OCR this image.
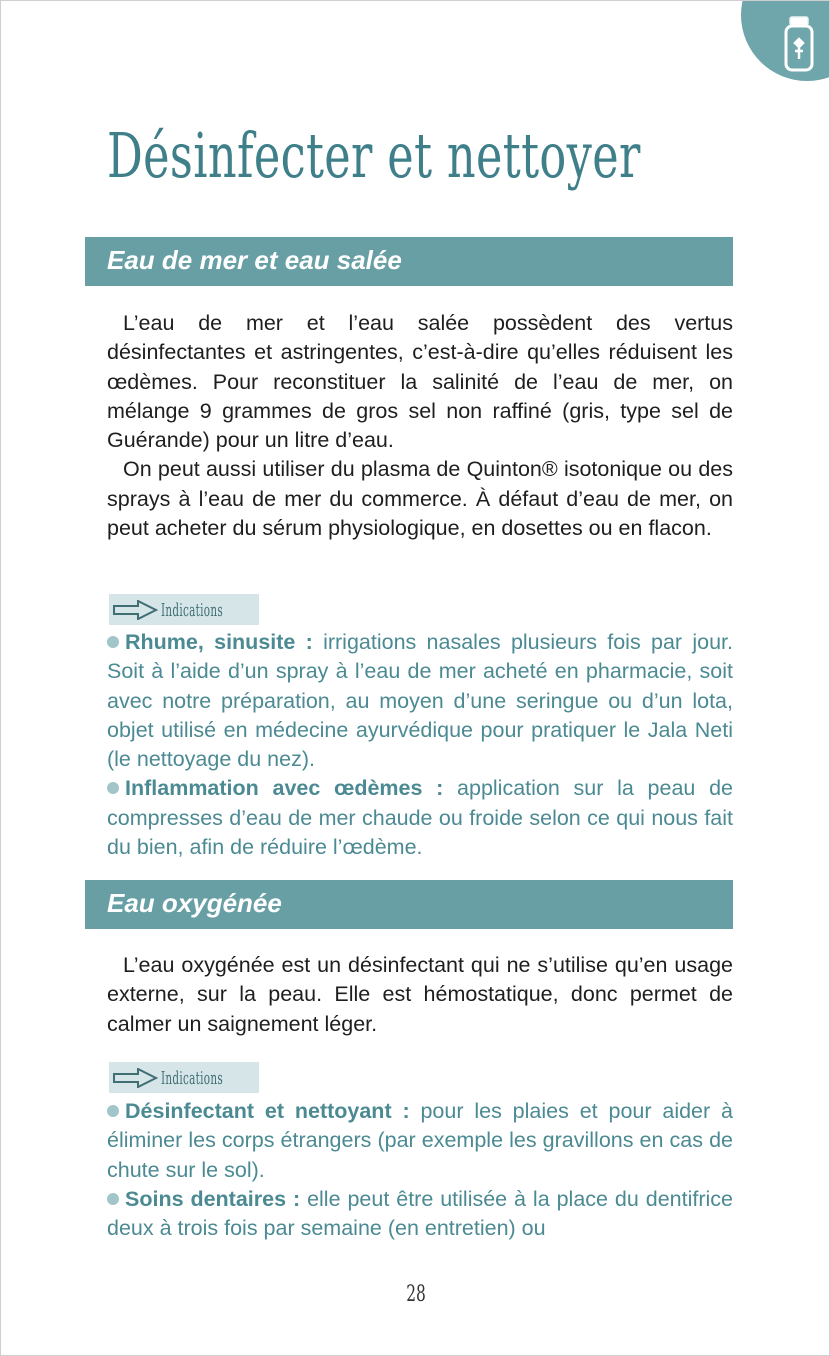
Désinfecter et nettoyer
Eau de mer et eau salée

L’eau de mer et l’eau salée possèdent des vertus désinfectantes et astringentes, c’est-à-dire qu’elles réduisent les œdèmes. Pour reconstituer la salinité de l’eau de mer, on mélange 9 grammes de gros sel non raffiné (gris, type sel de Guérande) pour un litre d’eau.

On peut aussi utiliser du plasma de Quinton® isotonique ou des sprays à l’eau de mer du commerce. À défaut d’eau de mer, on peut acheter du sérum physiologique, en dosettes ou en flacon.

Indications

Rhume, sinusite : irrigations nasales plusieurs fois par jour. Soit à l’aide d’un spray à l’eau de mer acheté en pharmacie, soit avec notre préparation, au moyen d’une seringue ou d’un lota, objet utilisé en médecine ayurvédique pour pratiquer le Jala Neti (le nettoyage du nez).

Inflammation avec œdèmes : application sur la peau de compresses d’eau de mer chaude ou froide selon ce qui nous fait du bien, afin de réduire l’œdème.

Eau oxygénée

L’eau oxygénée est un désinfectant qui ne s’utilise qu’en usage externe, sur la peau. Elle est hémostatique, donc permet de calmer un saignement léger.

Indications

Désinfectant et nettoyant : pour les plaies et pour aider à éliminer les corps étrangers (par exemple les gravillons en cas de chute sur le sol).

Soins dentaires : elle peut être utilisée à la place du dentifrice deux à trois fois par semaine (en entretien) ou

28
